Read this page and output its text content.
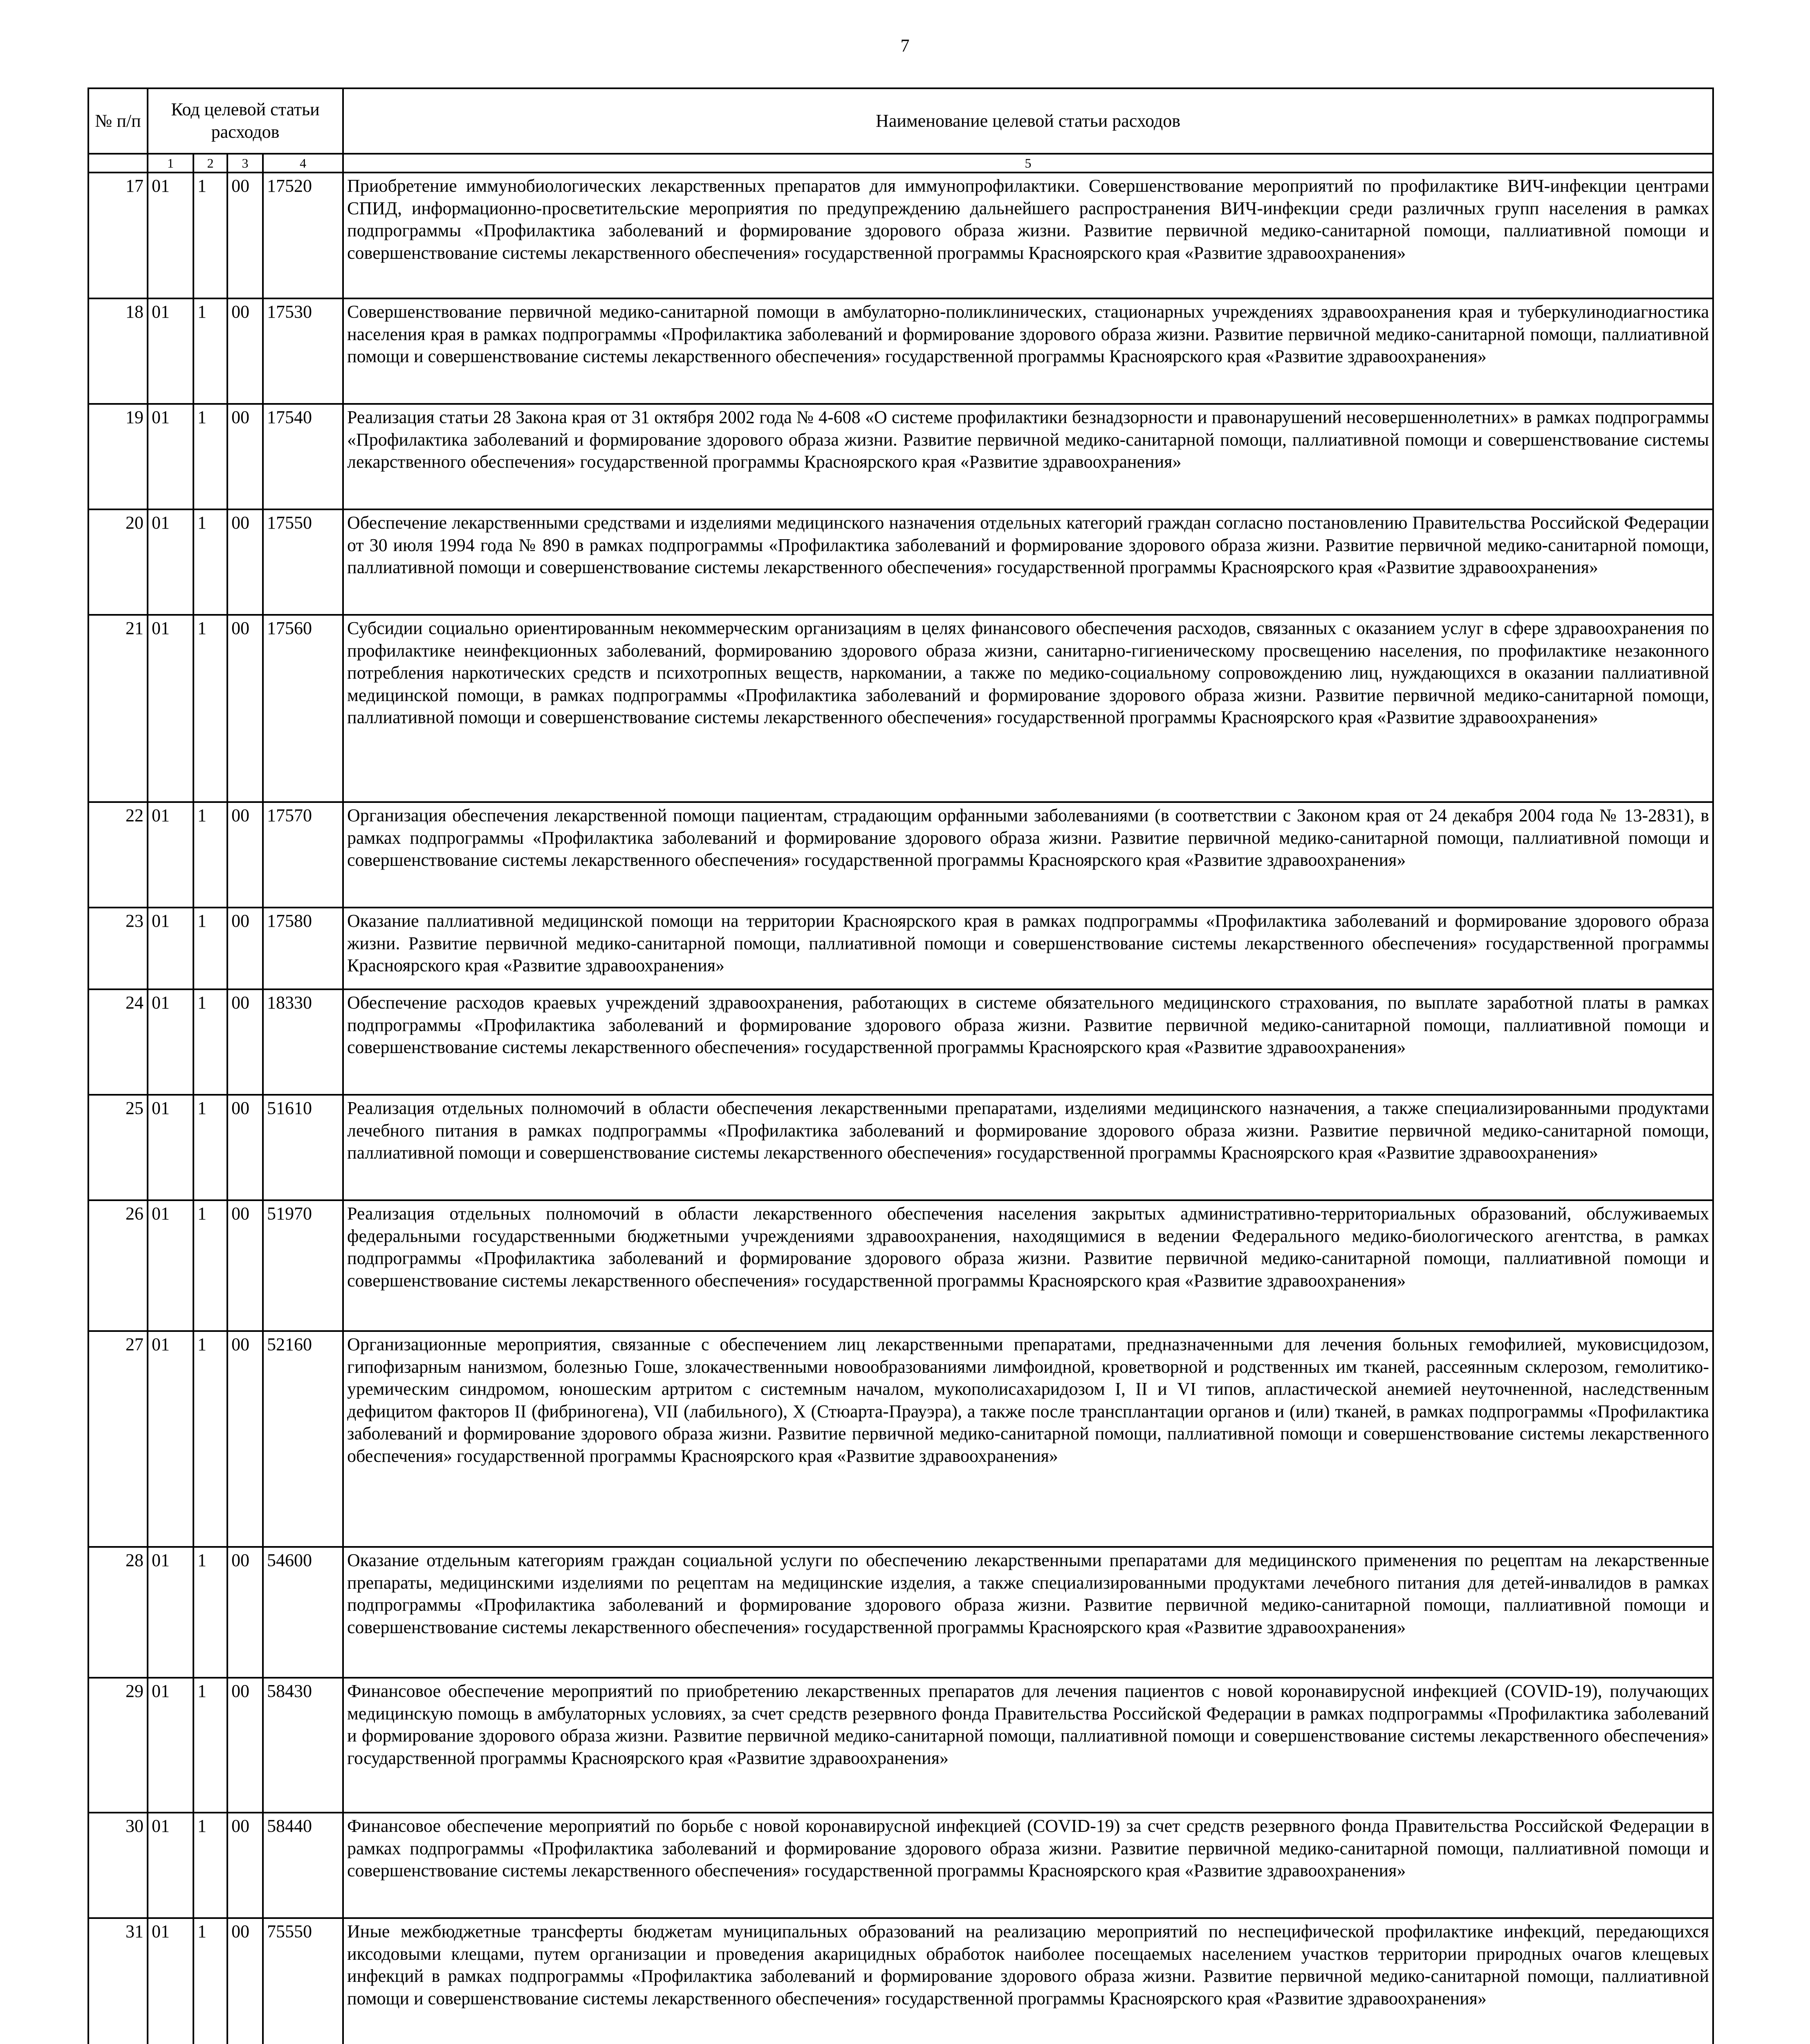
7
№ п/п	Код целевой статьи расходов				Наименование целевой статьи расходов
	1	2	3	4	5
17	01	1	00	17520	Приобретение иммунобиологических лекарственных препаратов для иммунопрофилактики. Совершенствование мероприятий по профилактике ВИЧ-инфекции центрами СПИД, информационно-просветительские мероприятия по предупреждению дальнейшего распространения ВИЧ-инфекции среди различных групп населения в рамках подпрограммы «Профилактика заболеваний и формирование здорового образа жизни. Развитие первичной медико-санитарной помощи, паллиативной помощи и совершенствование системы лекарственного обеспечения» государственной программы Красноярского края «Развитие здравоохранения»
18	01	1	00	17530	Совершенствование первичной медико-санитарной помощи в амбулаторно-поликлинических, стационарных учреждениях здравоохранения края и туберкулинодиагностика населения края в рамках подпрограммы «Профилактика заболеваний и формирование здорового образа жизни. Развитие первичной медико-санитарной помощи, паллиативной помощи и совершенствование системы лекарственного обеспечения» государственной программы Красноярского края «Развитие здравоохранения»
19	01	1	00	17540	Реализация статьи 28 Закона края от 31 октября 2002 года № 4-608 «О системе профилактики безнадзорности и правонарушений несовершеннолетних» в рамках подпрограммы «Профилактика заболеваний и формирование здорового образа жизни. Развитие первичной медико-санитарной помощи, паллиативной помощи и совершенствование системы лекарственного обеспечения» государственной программы Красноярского края «Развитие здравоохранения»
20	01	1	00	17550	Обеспечение лекарственными средствами и изделиями медицинского назначения отдельных категорий граждан согласно постановлению Правительства Российской Федерации от 30 июля 1994 года № 890 в рамках подпрограммы «Профилактика заболеваний и формирование здорового образа жизни. Развитие первичной медико-санитарной помощи, паллиативной помощи и совершенствование системы лекарственного обеспечения» государственной программы Красноярского края «Развитие здравоохранения»
21	01	1	00	17560	Субсидии социально ориентированным некоммерческим организациям в целях финансового обеспечения расходов, связанных с оказанием услуг в сфере здравоохранения по профилактике неинфекционных заболеваний, формированию здорового образа жизни, санитарно-гигиеническому просвещению населения, по профилактике незаконного потребления наркотических средств и психотропных веществ, наркомании, а также по медико-социальному сопровождению лиц, нуждающихся в оказании паллиативной медицинской помощи, в рамках подпрограммы «Профилактика заболеваний и формирование здорового образа жизни. Развитие первичной медико-санитарной помощи, паллиативной помощи и совершенствование системы лекарственного обеспечения» государственной программы Красноярского края «Развитие здравоохранения»
22	01	1	00	17570	Организация обеспечения лекарственной помощи пациентам, страдающим орфанными заболеваниями (в соответствии с Законом края от 24 декабря 2004 года № 13-2831), в рамках подпрограммы «Профилактика заболеваний и формирование здорового образа жизни. Развитие первичной медико-санитарной помощи, паллиативной помощи и совершенствование системы лекарственного обеспечения» государственной программы Красноярского края «Развитие здравоохранения»
23	01	1	00	17580	Оказание паллиативной медицинской помощи на территории Красноярского края в рамках подпрограммы «Профилактика заболеваний и формирование здорового образа жизни. Развитие первичной медико-санитарной помощи, паллиативной помощи и совершенствование системы лекарственного обеспечения» государственной программы Красноярского края «Развитие здравоохранения»
24	01	1	00	18330	Обеспечение расходов краевых учреждений здравоохранения, работающих в системе обязательного медицинского страхования, по выплате заработной платы в рамках подпрограммы «Профилактика заболеваний и формирование здорового образа жизни. Развитие первичной медико-санитарной помощи, паллиативной помощи и совершенствование системы лекарственного обеспечения» государственной программы Красноярского края «Развитие здравоохранения»
25	01	1	00	51610	Реализация отдельных полномочий в области обеспечения лекарственными препаратами, изделиями медицинского назначения, а также специализированными продуктами лечебного питания в рамках подпрограммы «Профилактика заболеваний и формирование здорового образа жизни. Развитие первичной медико-санитарной помощи, паллиативной помощи и совершенствование системы лекарственного обеспечения» государственной программы Красноярского края «Развитие здравоохранения»
26	01	1	00	51970	Реализация отдельных полномочий в области лекарственного обеспечения населения закрытых административно-территориальных образований, обслуживаемых федеральными государственными бюджетными учреждениями здравоохранения, находящимися в ведении Федерального медико-биологического агентства, в рамках подпрограммы «Профилактика заболеваний и формирование здорового образа жизни. Развитие первичной медико-санитарной помощи, паллиативной помощи и совершенствование системы лекарственного обеспечения» государственной программы Красноярского края «Развитие здравоохранения»
27	01	1	00	52160	Организационные мероприятия, связанные с обеспечением лиц лекарственными препаратами, предназначенными для лечения больных гемофилией, муковисцидозом, гипофизарным нанизмом, болезнью Гоше, злокачественными новообразованиями лимфоидной, кроветворной и родственных им тканей, рассеянным склерозом, гемолитико-уремическим синдромом, юношеским артритом с системным началом, мукополисахаридозом I, II и VI типов, апластической анемией неуточненной, наследственным дефицитом факторов II (фибриногена), VII (лабильного), X (Стюарта-Прауэра), а также после трансплантации органов и (или) тканей, в рамках подпрограммы «Профилактика заболеваний и формирование здорового образа жизни. Развитие первичной медико-санитарной помощи, паллиативной помощи и совершенствование системы лекарственного обеспечения» государственной программы Красноярского края «Развитие здравоохранения»
28	01	1	00	54600	Оказание отдельным категориям граждан социальной услуги по обеспечению лекарственными препаратами для медицинского применения по рецептам на лекарственные препараты, медицинскими изделиями по рецептам на медицинские изделия, а также специализированными продуктами лечебного питания для детей-инвалидов в рамках подпрограммы «Профилактика заболеваний и формирование здорового образа жизни. Развитие первичной медико-санитарной помощи, паллиативной помощи и совершенствование системы лекарственного обеспечения» государственной программы Красноярского края «Развитие здравоохранения»
29	01	1	00	58430	Финансовое обеспечение мероприятий по приобретению лекарственных препаратов для лечения пациентов с новой коронавирусной инфекцией (COVID-19), получающих медицинскую помощь в амбулаторных условиях, за счет средств резервного фонда Правительства Российской Федерации в рамках подпрограммы «Профилактика заболеваний и формирование здорового образа жизни. Развитие первичной медико-санитарной помощи, паллиативной помощи и совершенствование системы лекарственного обеспечения» государственной программы Красноярского края «Развитие здравоохранения»
30	01	1	00	58440	Финансовое обеспечение мероприятий по борьбе с новой коронавирусной инфекцией (COVID-19) за счет средств резервного фонда Правительства Российской Федерации в рамках подпрограммы «Профилактика заболеваний и формирование здорового образа жизни. Развитие первичной медико-санитарной помощи, паллиативной помощи и совершенствование системы лекарственного обеспечения» государственной программы Красноярского края «Развитие здравоохранения»
31	01	1	00	75550	Иные межбюджетные трансферты бюджетам муниципальных образований на реализацию мероприятий по неспецифической профилактике инфекций, передающихся иксодовыми клещами, путем организации и проведения акарицидных обработок наиболее посещаемых населением участков территории природных очагов клещевых инфекций в рамках подпрограммы «Профилактика заболеваний и формирование здорового образа жизни. Развитие первичной медико-санитарной помощи, паллиативной помощи и совершенствование системы лекарственного обеспечения» государственной программы Красноярского края «Развитие здравоохранения»
